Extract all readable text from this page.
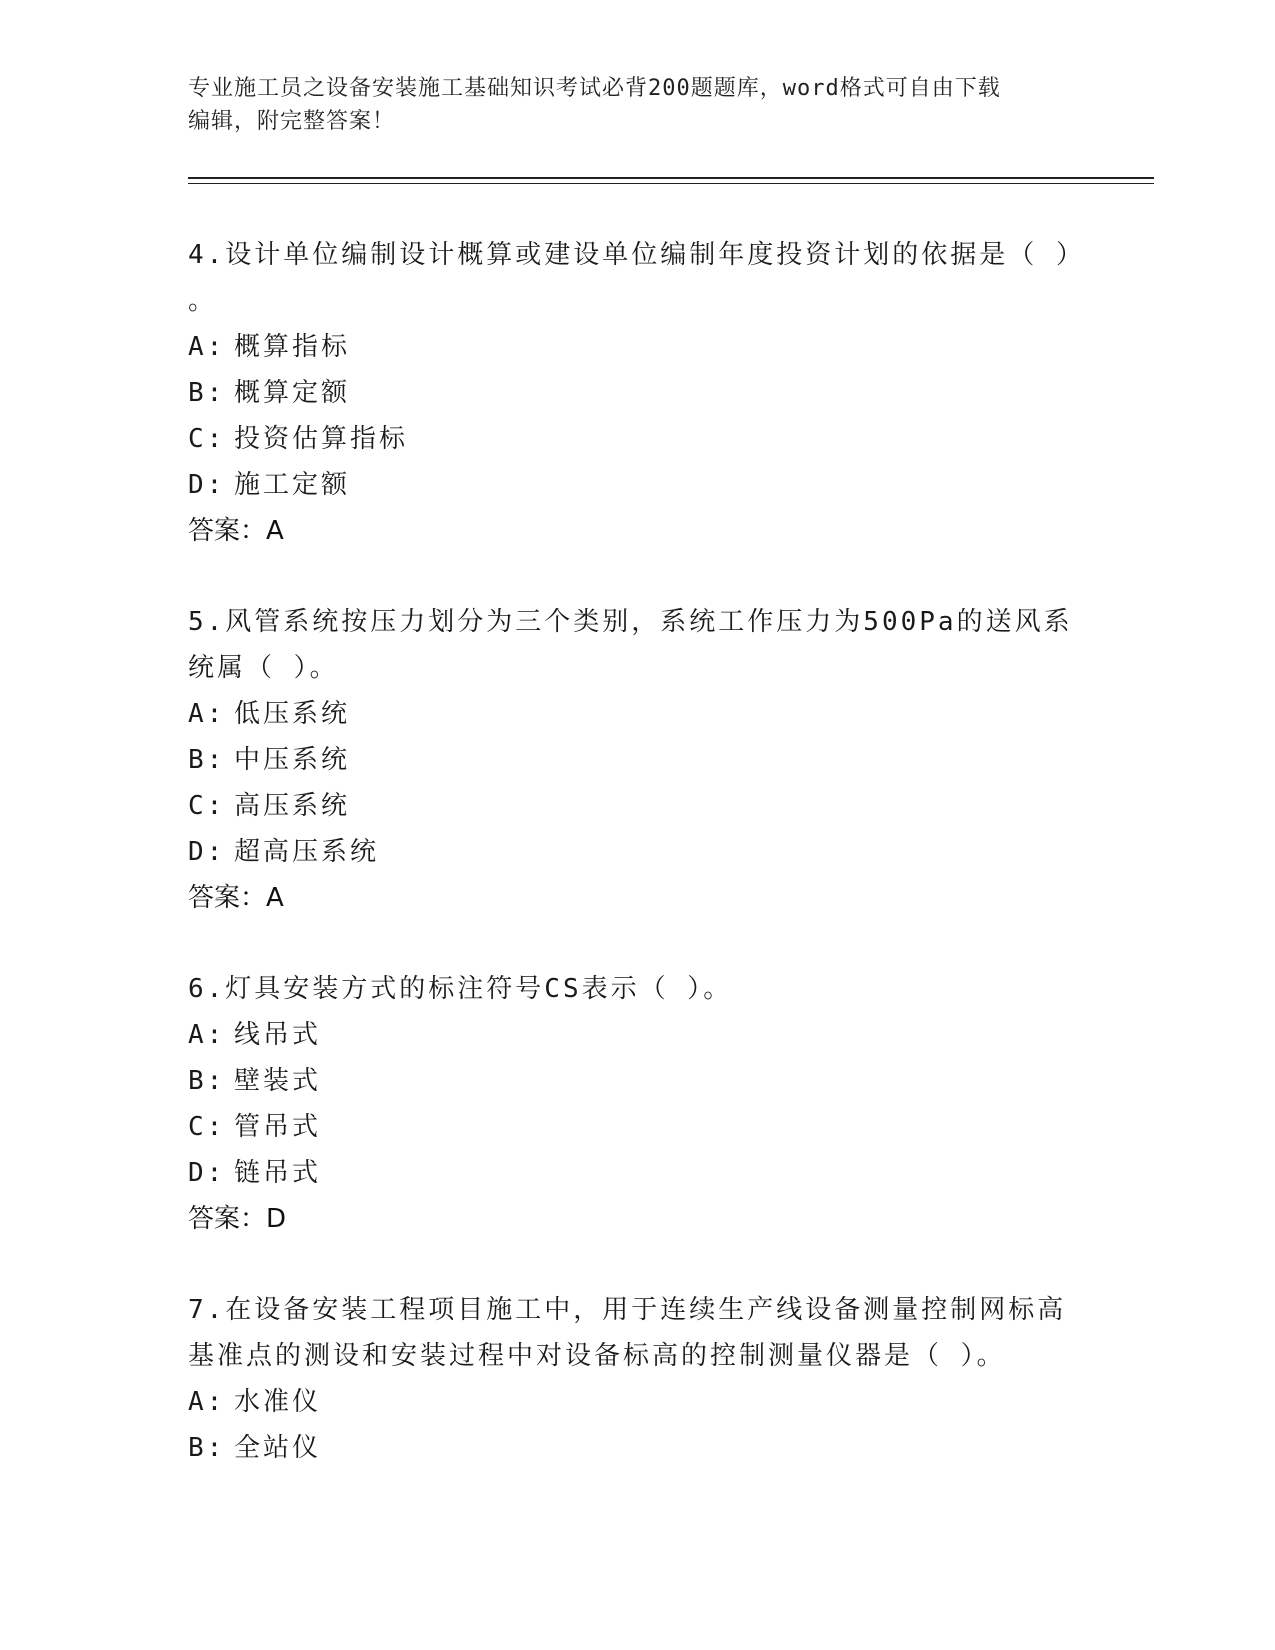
专业施工员之设备安装施工基础知识考试必背200题题库，word格式可自由下载
编辑，附完整答案！

4.设计单位编制设计概算或建设单位编制年度投资计划的依据是（ ）

。

A: 概算指标

B: 概算定额

C: 投资估算指标

D: 施工定额

答案：A

5.风管系统按压力划分为三个类别，系统工作压力为500Pa的送风系

统属（ ）。

A: 低压系统

B: 中压系统

C: 高压系统

D: 超高压系统

答案：A

6.灯具安装方式的标注符号CS表示（ ）。

A: 线吊式

B: 壁装式

C: 管吊式

D: 链吊式

答案：D

7.在设备安装工程项目施工中，用于连续生产线设备测量控制网标高

基准点的测设和安装过程中对设备标高的控制测量仪器是（ ）。

A: 水准仪

B: 全站仪
